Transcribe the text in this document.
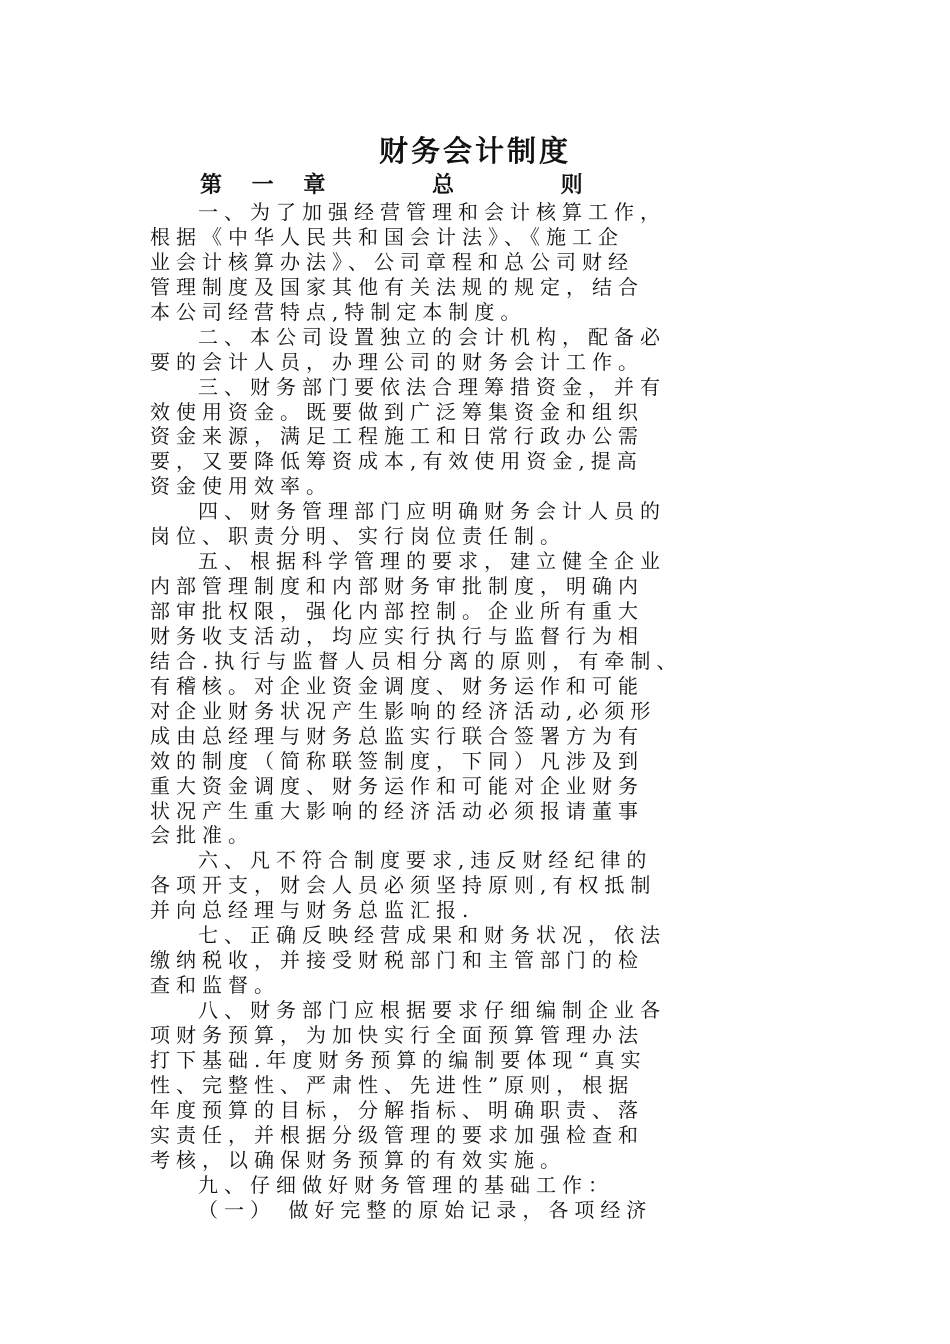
财务会计制度
第 一 章    总    则
一、为了加强经营管理和会计核算工作，
根据《中华人民共和国会计法》、《施工企
业会计核算办法》、公司章程和总公司财经
管理制度及国家其他有关法规的规定，结合
本公司经营特点,特制定本制度。
二、本公司设置独立的会计机构，配备必
要的会计人员，办理公司的财务会计工作。
三、财务部门要依法合理筹措资金，并有
效使用资金。既要做到广泛筹集资金和组织
资金来源，满足工程施工和日常行政办公需
要，又要降低筹资成本,有效使用资金,提高
资金使用效率。
四、财务管理部门应明确财务会计人员的
岗位、职责分明、实行岗位责任制。
五、根据科学管理的要求，建立健全企业
内部管理制度和内部财务审批制度，明确内
部审批权限，强化内部控制。企业所有重大
财务收支活动，均应实行执行与监督行为相
结合.执行与监督人员相分离的原则，有牵制、
有稽核。对企业资金调度、财务运作和可能
对企业财务状况产生影响的经济活动,必须形
成由总经理与财务总监实行联合签署方为有
效的制度（简称联签制度，下同）凡涉及到
重大资金调度、财务运作和可能对企业财务
状况产生重大影响的经济活动必须报请董事
会批准。
六、凡不符合制度要求,违反财经纪律的
各项开支，财会人员必须坚持原则,有权抵制
并向总经理与财务总监汇报.
七、正确反映经营成果和财务状况，依法
缴纳税收，并接受财税部门和主管部门的检
查和监督。
八、财务部门应根据要求仔细编制企业各
项财务预算，为加快实行全面预算管理办法
打下基础.年度财务预算的编制要体现“真实
性、完整性、严肃性、先进性”原则，根据
年度预算的目标，分解指标、明确职责、落
实责任，并根据分级管理的要求加强检查和
考核，以确保财务预算的有效实施。
九、仔细做好财务管理的基础工作：
（一） 做好完整的原始记录，各项经济
